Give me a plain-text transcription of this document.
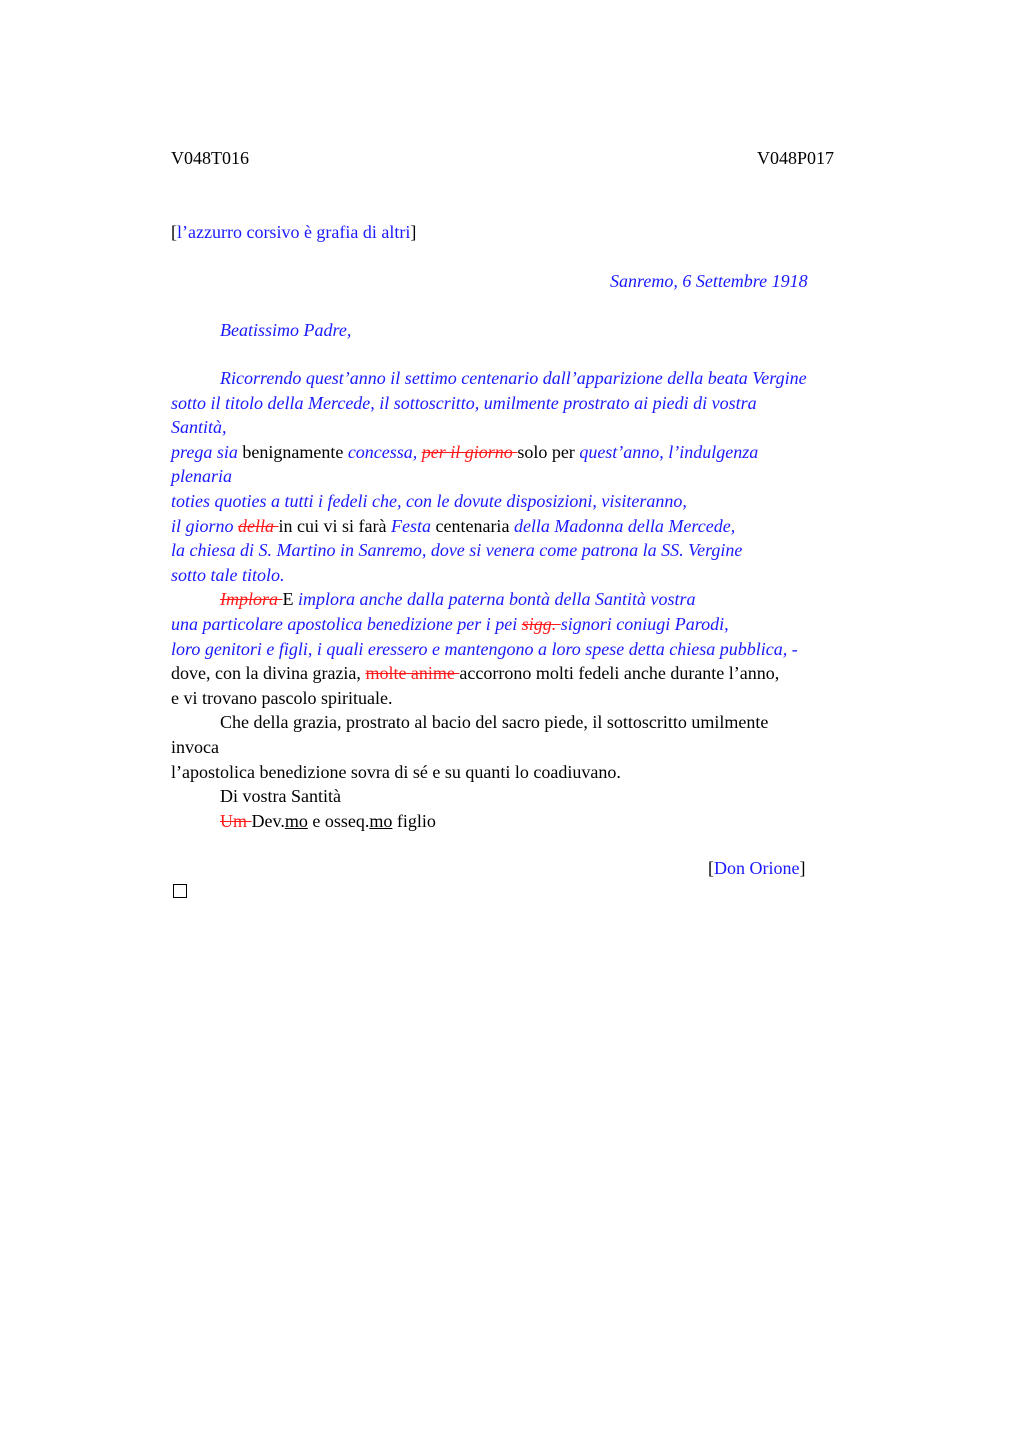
V048T016	V048P017
[l’azzurro corsivo è grafia di altri]
Sanremo, 6 Settembre 1918
Beatissimo Padre,
Ricorrendo quest’anno il settimo centenario dall’apparizione della beata Vergine
sotto il titolo della Mercede, il sottoscritto, umilmente prostrato ai piedi di vostra
Santità,
prega sia benignamente concessa, per il giorno solo per quest’anno, l’indulgenza
plenaria
toties quoties a tutti i fedeli che, con le dovute disposizioni, visiteranno,
il giorno della in cui vi si farà Festa centenaria della Madonna della Mercede,
la chiesa di S. Martino in Sanremo, dove si venera come patrona la SS. Vergine
sotto tale titolo.
Implora E implora anche dalla paterna bontà della Santità vostra
una particolare apostolica benedizione per i pei sigg. signori coniugi Parodi,
loro genitori e figli, i quali eressero e mantengono a loro spese detta chiesa pubblica, -
dove, con la divina grazia, molte anime accorrono molti fedeli anche durante l’anno,
e vi trovano pascolo spirituale.
Che della grazia, prostrato al bacio del sacro piede, il sottoscritto umilmente
invoca
l’apostolica benedizione sovra di sé e su quanti lo coadiuvano.
Di vostra Santità
Um Dev.mo e osseq.mo figlio
[Don Orione]
